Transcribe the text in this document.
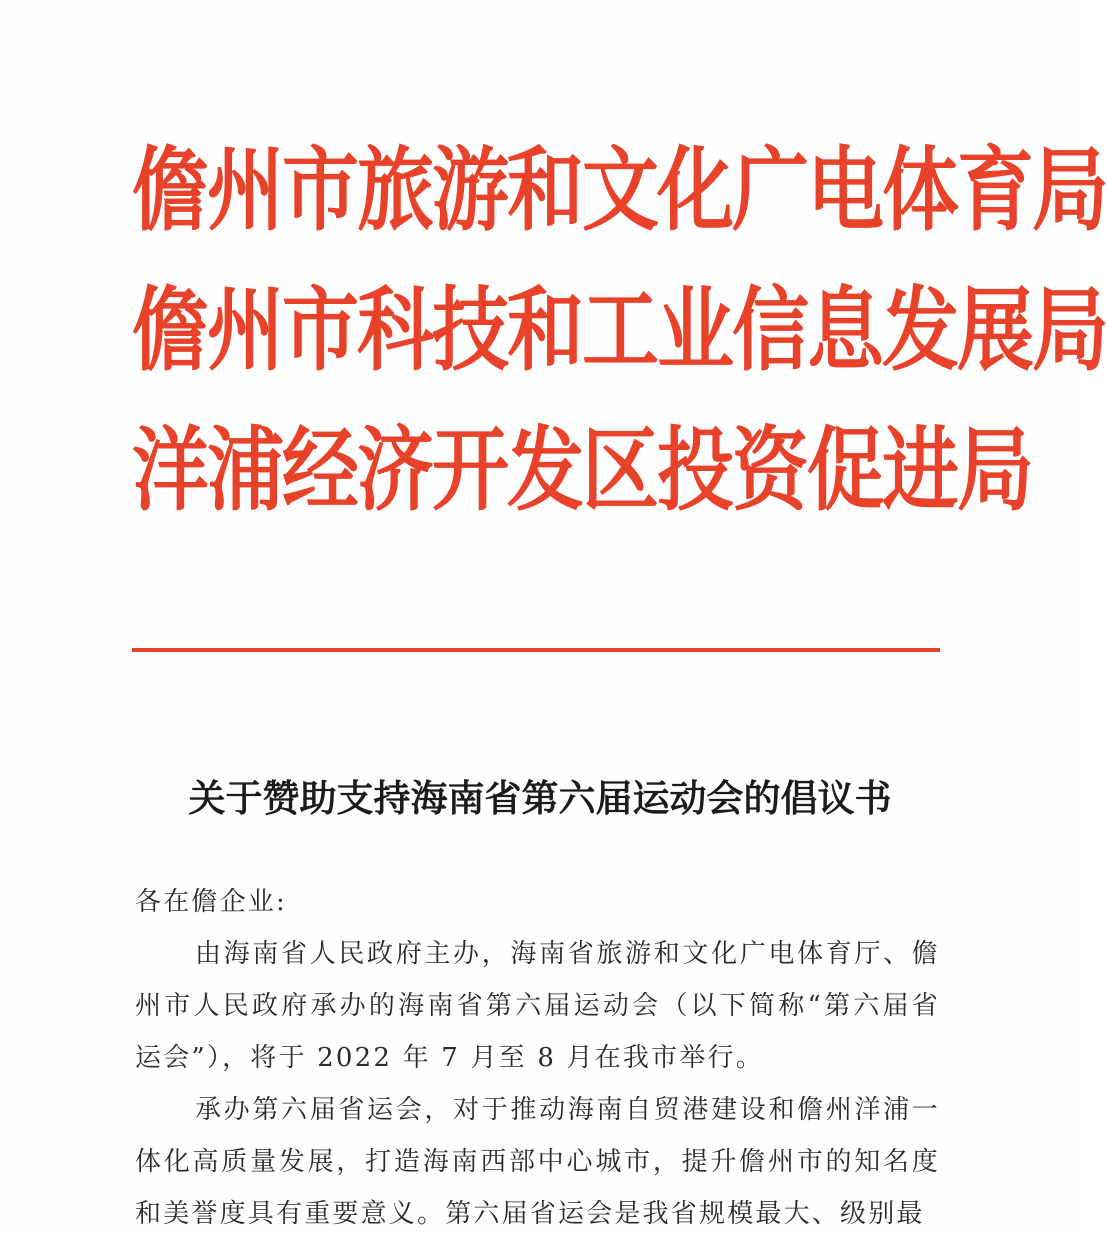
儋州市旅游和文化广电体育局
儋州市科技和工业信息发展局
洋浦经济开发区投资促进局
关于赞助支持海南省第六届运动会的倡议书

各在儋企业:

由海南省人民政府主办，海南省旅游和文化广电体育厅、儋州市人民政府承办的海南省第六届运动会（以下简称“第六届省运会”），将于 2022 年 7 月至 8 月在我市举行。

承办第六届省运会，对于推动海南自贸港建设和儋州洋浦一体化高质量发展，打造海南西部中心城市，提升儋州市的知名度和美誉度具有重要意义。第六届省运会是我省规模最大、级别最
